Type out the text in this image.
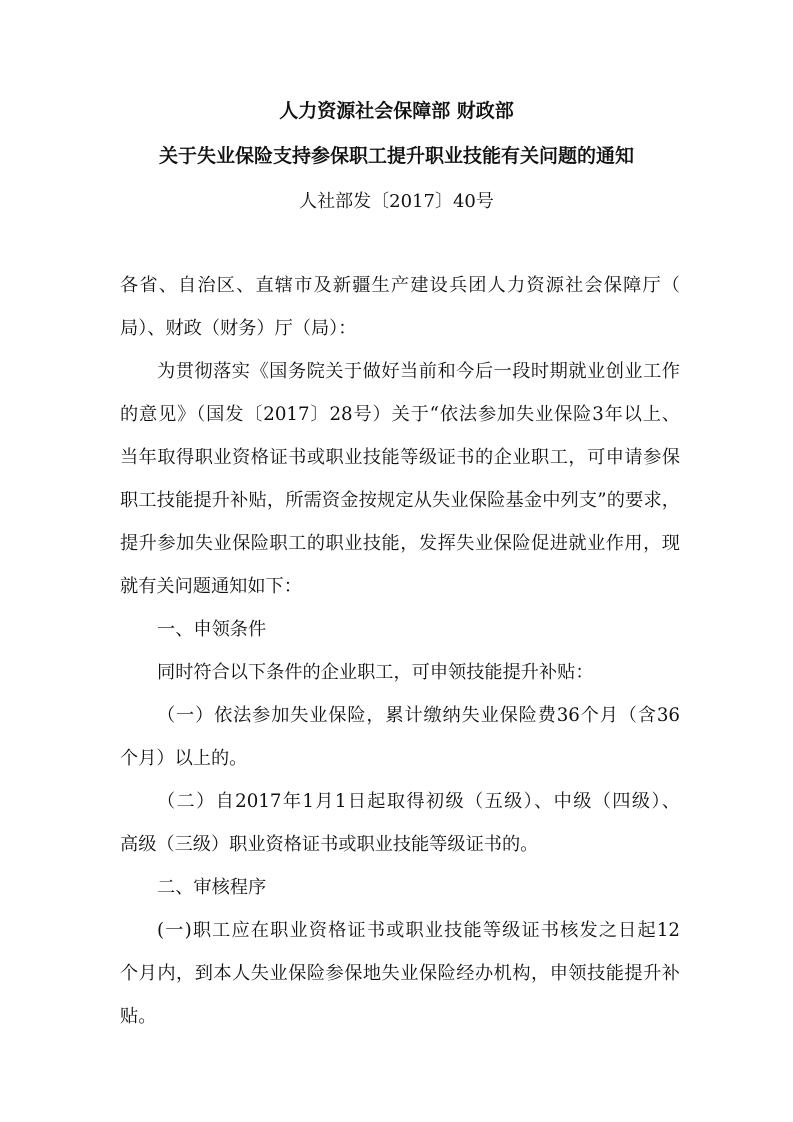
人力资源社会保障部 财政部
关于失业保险支持参保职工提升职业技能有关问题的通知
人社部发〔2017〕40号
各省、自治区、直辖市及新疆生产建设兵团人力资源社会保障厅（
局）、财政（财务）厅（局）：
为贯彻落实《国务院关于做好当前和今后一段时期就业创业工作
的意见》（国发〔2017〕28号）关于“依法参加失业保险3年以上、
当年取得职业资格证书或职业技能等级证书的企业职工，可申请参保
职工技能提升补贴，所需资金按规定从失业保险基金中列支”的要求，
提升参加失业保险职工的职业技能，发挥失业保险促进就业作用，现
就有关问题通知如下：
一、申领条件
同时符合以下条件的企业职工，可申领技能提升补贴：
（一）依法参加失业保险，累计缴纳失业保险费36个月（含36
个月）以上的。
（二）自2017年1月1日起取得初级（五级）、中级（四级）、
高级（三级）职业资格证书或职业技能等级证书的。
二、审核程序
(一)职工应在职业资格证书或职业技能等级证书核发之日起12
个月内，到本人失业保险参保地失业保险经办机构，申领技能提升补
贴。
